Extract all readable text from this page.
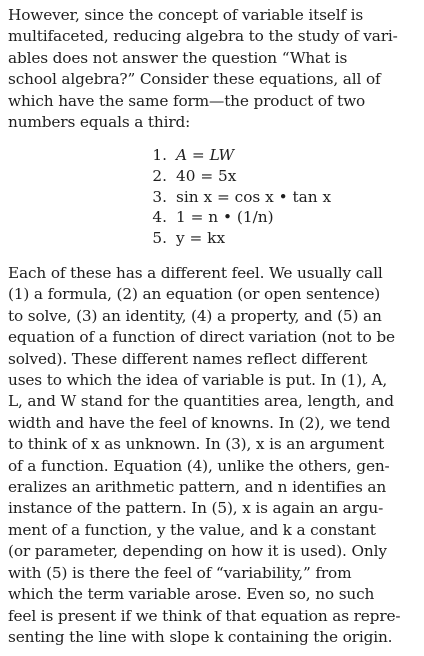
However, since the concept of variable itself is
multifaceted, reducing algebra to the study of vari-
ables does not answer the question “What is
school algebra?” Consider these equations, all of
which have the same form—the product of two
numbers equals a third:

1. A = LW
2. 40 = 5x
3. sin x = cos x • tan x
4. 1 = n • (1/n)
5. y = kx

Each of these has a different feel. We usually call
(1) a formula, (2) an equation (or open sentence)
to solve, (3) an identity, (4) a property, and (5) an
equation of a function of direct variation (not to be
solved). These different names reflect different
uses to which the idea of variable is put. In (1), A,
L, and W stand for the quantities area, length, and
width and have the feel of knowns. In (2), we tend
to think of x as unknown. In (3), x is an argument
of a function. Equation (4), unlike the others, gen-
eralizes an arithmetic pattern, and n identifies an
instance of the pattern. In (5), x is again an argu-
ment of a function, y the value, and k a constant
(or parameter, depending on how it is used). Only
with (5) is there the feel of “variability,” from
which the term variable arose. Even so, no such
feel is present if we think of that equation as repre-
senting the line with slope k containing the origin.
